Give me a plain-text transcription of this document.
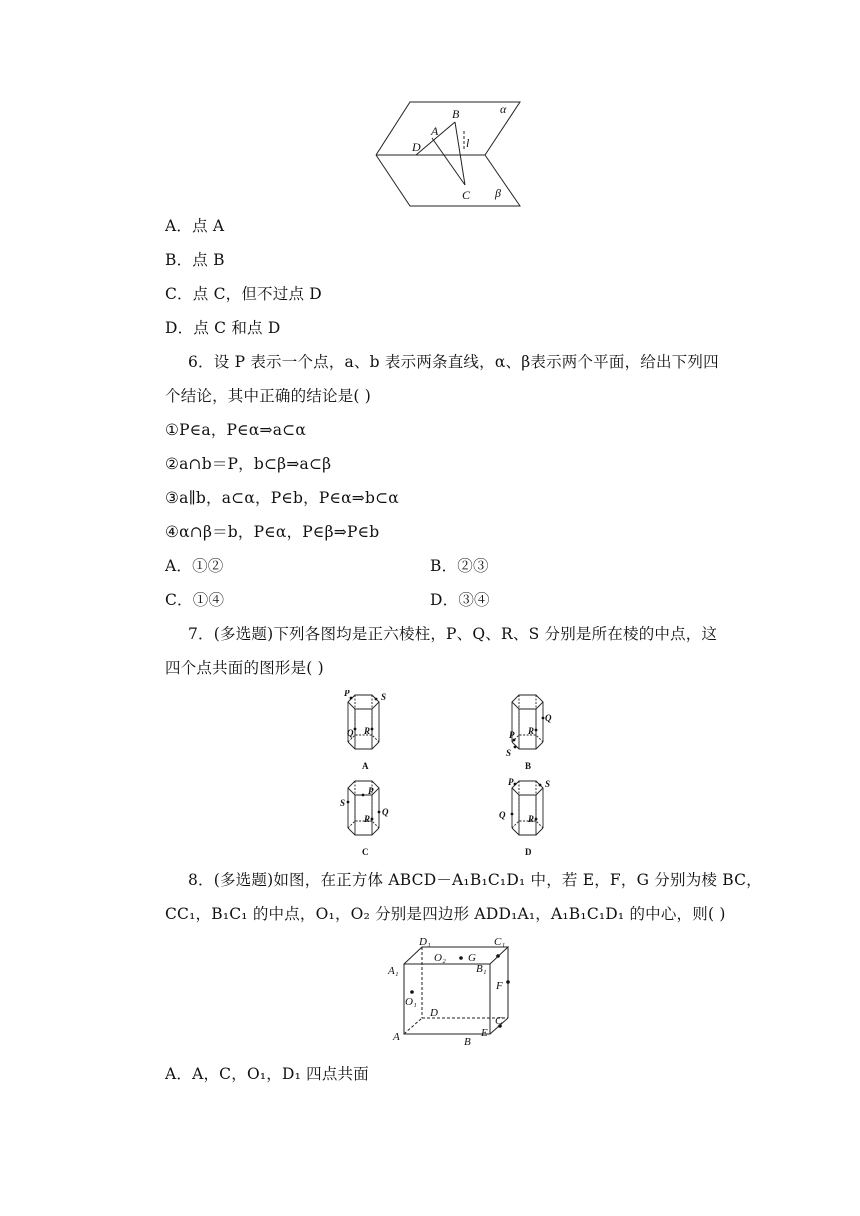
α
B
A
D	l
C β
A．点 A
B．点 B
C．点 C，但不过点 D
D．点 C 和点 D
6．设 P 表示一个点，a、b 表示两条直线，α、β表示两个平面，给出下列四
个结论，其中正确的结论是( )
①P∈a，P∈α⇒a⊂α
②a∩b＝P，b⊂β⇒a⊂β
③a∥b，a⊂α，P∈b，P∈α⇒b⊂α
④α∩β＝b，P∈α，P∈β⇒P∈b
A．①②	B．②③
C．①④	D．③④
7．(多选题)下列各图均是正六棱柱，P、Q、R、S 分别是所在棱的中点，这
四个点共面的图形是( )
P	S
Q R
A
Q
R
P
S
B
P
S
Q
R
C
P	S
Q	R
D
8．(多选题)如图，在正方体 ABCD－A₁B₁C₁D₁ 中，若 E，F，G 分别为棱 BC，
CC₁，B₁C₁ 的中点，O₁，O₂ 分别是四边形 ADD₁A₁，A₁B₁C₁D₁ 的中心，则( )
D₁	C₁
A₁
O₂ G
B₁
F
O₁
D
C
A	B
E
A．A，C，O₁，D₁ 四点共面
